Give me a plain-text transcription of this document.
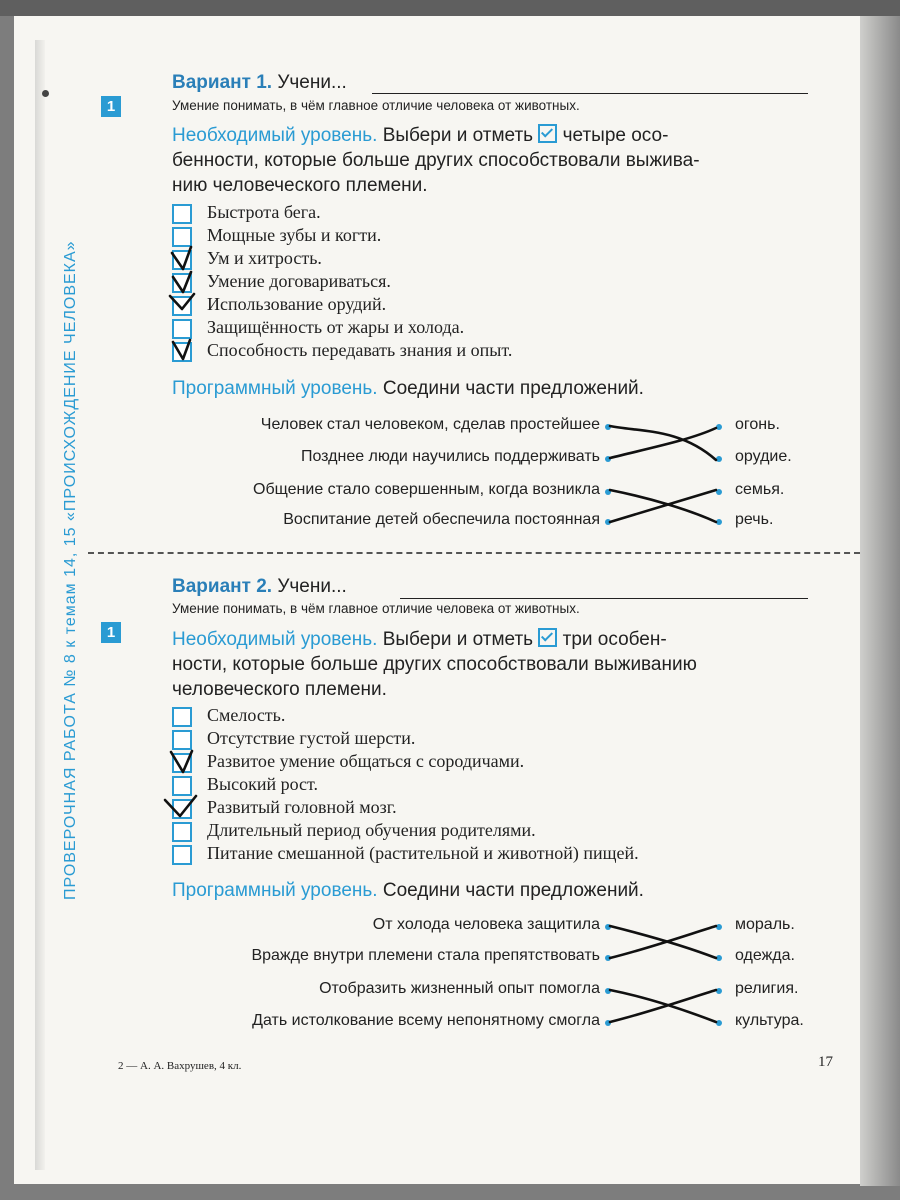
ПРОВЕРОЧНАЯ РАБОТА № 8 к темам 14, 15 «ПРОИСХОЖДЕНИЕ ЧЕЛОВЕКА»
Вариант 1. Учени...
Умение понимать, в чём главное отличие человека от животных.
1
Необходимый уровень. Выбери и отметь четыре осо-
бенности, которые больше других способствовали выжива-
нию человеческого племени.
Быстрота бега.
Мощные зубы и когти.
Ум и хитрость.
Умение договариваться.
Использование орудий.
Защищённость от жары и холода.
Способность передавать знания и опыт.
Программный уровень. Соедини части предложений.
Человек стал человеком, сделав простейшее
Позднее люди научились поддерживать
Общение стало совершенным, когда возникла
Воспитание детей обеспечила постоянная
огонь.
орудие.
семья.
речь.
Вариант 2. Учени...
Умение понимать, в чём главное отличие человека от животных.
1	Необходимый уровень. Выбери и отметь три особен-
ности, которые больше других способствовали выживанию
человеческого племени.
Смелость.
Отсутствие густой шерсти.
Развитое умение общаться с сородичами.
Высокий рост.
Развитый головной мозг.
Длительный период обучения родителями.
Питание смешанной (растительной и животной) пищей.
Программный уровень. Соедини части предложений.
От холода человека защитила
Вражде внутри племени стала препятствовать
Отобразить жизненный опыт помогла
Дать истолкование всему непонятному смогла
мораль.
одежда.
религия.
культура.
2 — А. А. Вахрушев, 4 кл.	17
